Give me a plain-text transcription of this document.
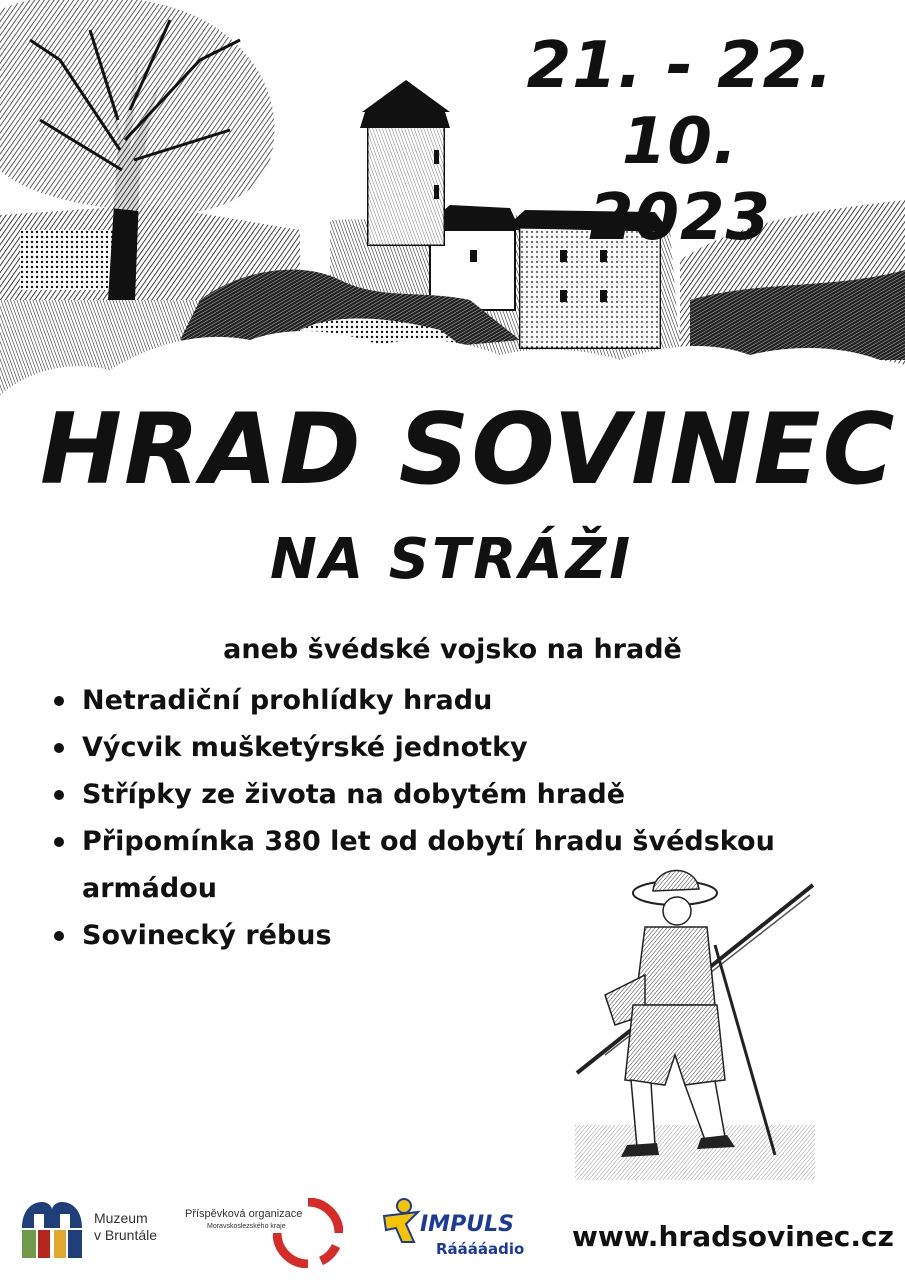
21. - 22. 10.
2023
HRAD SOVINEC
NA STRÁŽI
aneb švédské vojsko na hradě
Netradiční prohlídky hradu
Výcvik mušketýrské jednotky
Střípky ze života na dobytém hradě
Připomínka 380 let od dobytí hradu švédskou armádou
Sovinecký rébus
Muzeum
v Bruntále
Příspěvková organizace
Moravskoslezského kraje	IMPULS
Rááááadio www.hradsovinec.cz
